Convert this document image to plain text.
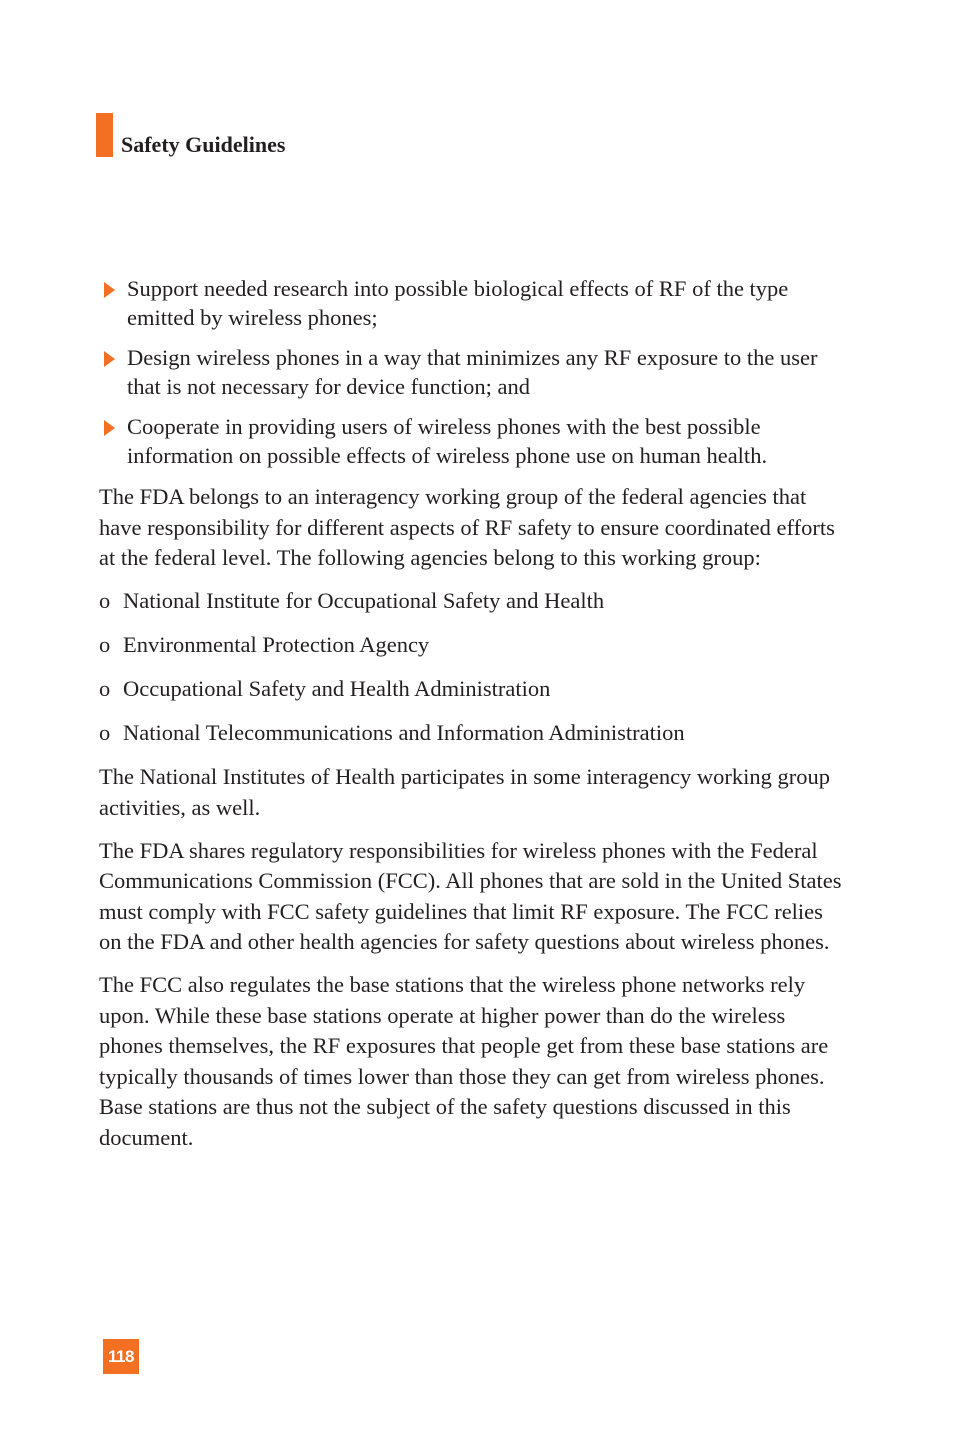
Safety Guidelines
Support needed research into possible biological effects of RF of the type emitted by wireless phones;
Design wireless phones in a way that minimizes any RF exposure to the user that is not necessary for device function; and
Cooperate in providing users of wireless phones with the best possible information on possible effects of wireless phone use on human health.

The FDA belongs to an interagency working group of the federal agencies that have responsibility for different aspects of RF safety to ensure coordinated efforts at the federal level. The following agencies belong to this working group:

o National Institute for Occupational Safety and Health
o Environmental Protection Agency
o Occupational Safety and Health Administration
o National Telecommunications and Information Administration

The National Institutes of Health participates in some interagency working group activities, as well.

The FDA shares regulatory responsibilities for wireless phones with the Federal Communications Commission (FCC). All phones that are sold in the United States must comply with FCC safety guidelines that limit RF exposure. The FCC relies on the FDA and other health agencies for safety questions about wireless phones.

The FCC also regulates the base stations that the wireless phone networks rely upon. While these base stations operate at higher power than do the wireless phones themselves, the RF exposures that people get from these base stations are typically thousands of times lower than those they can get from wireless phones. Base stations are thus not the subject of the safety questions discussed in this document.

118
